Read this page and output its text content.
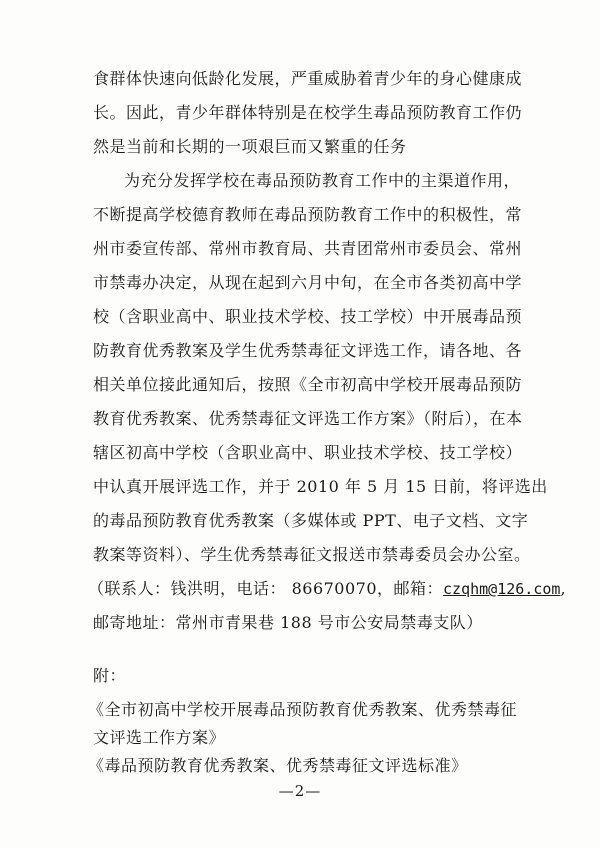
食群体快速向低龄化发展，严重威胁着青少年的身心健康成
长。因此，青少年群体特别是在校学生毒品预防教育工作仍
然是当前和长期的一项艰巨而又繁重的任务
为充分发挥学校在毒品预防教育工作中的主渠道作用，
不断提高学校德育教师在毒品预防教育工作中的积极性，常
州市委宣传部、常州市教育局、共青团常州市委员会、常州
市禁毒办决定，从现在起到六月中旬，在全市各类初高中学
校（含职业高中、职业技术学校、技工学校）中开展毒品预
防教育优秀教案及学生优秀禁毒征文评选工作，请各地、各
相关单位接此通知后，按照《全市初高中学校开展毒品预防
教育优秀教案、优秀禁毒征文评选工作方案》（附后），在本
辖区初高中学校（含职业高中、职业技术学校、技工学校）
中认真开展评选工作，并于 2010 年 5 月 15 日前，将评选出
的毒品预防教育优秀教案（多媒体或 PPT、电子文档、文字
教案等资料）、学生优秀禁毒征文报送市禁毒委员会办公室。
（联系人：钱洪明，电话： 86670070，邮箱：czqhm@126.com,
邮寄地址：常州市青果巷 188 号市公安局禁毒支队）
附：
《全市初高中学校开展毒品预防教育优秀教案、优秀禁毒征
文评选工作方案》
《毒品预防教育优秀教案、优秀禁毒征文评选标准》
—2—
